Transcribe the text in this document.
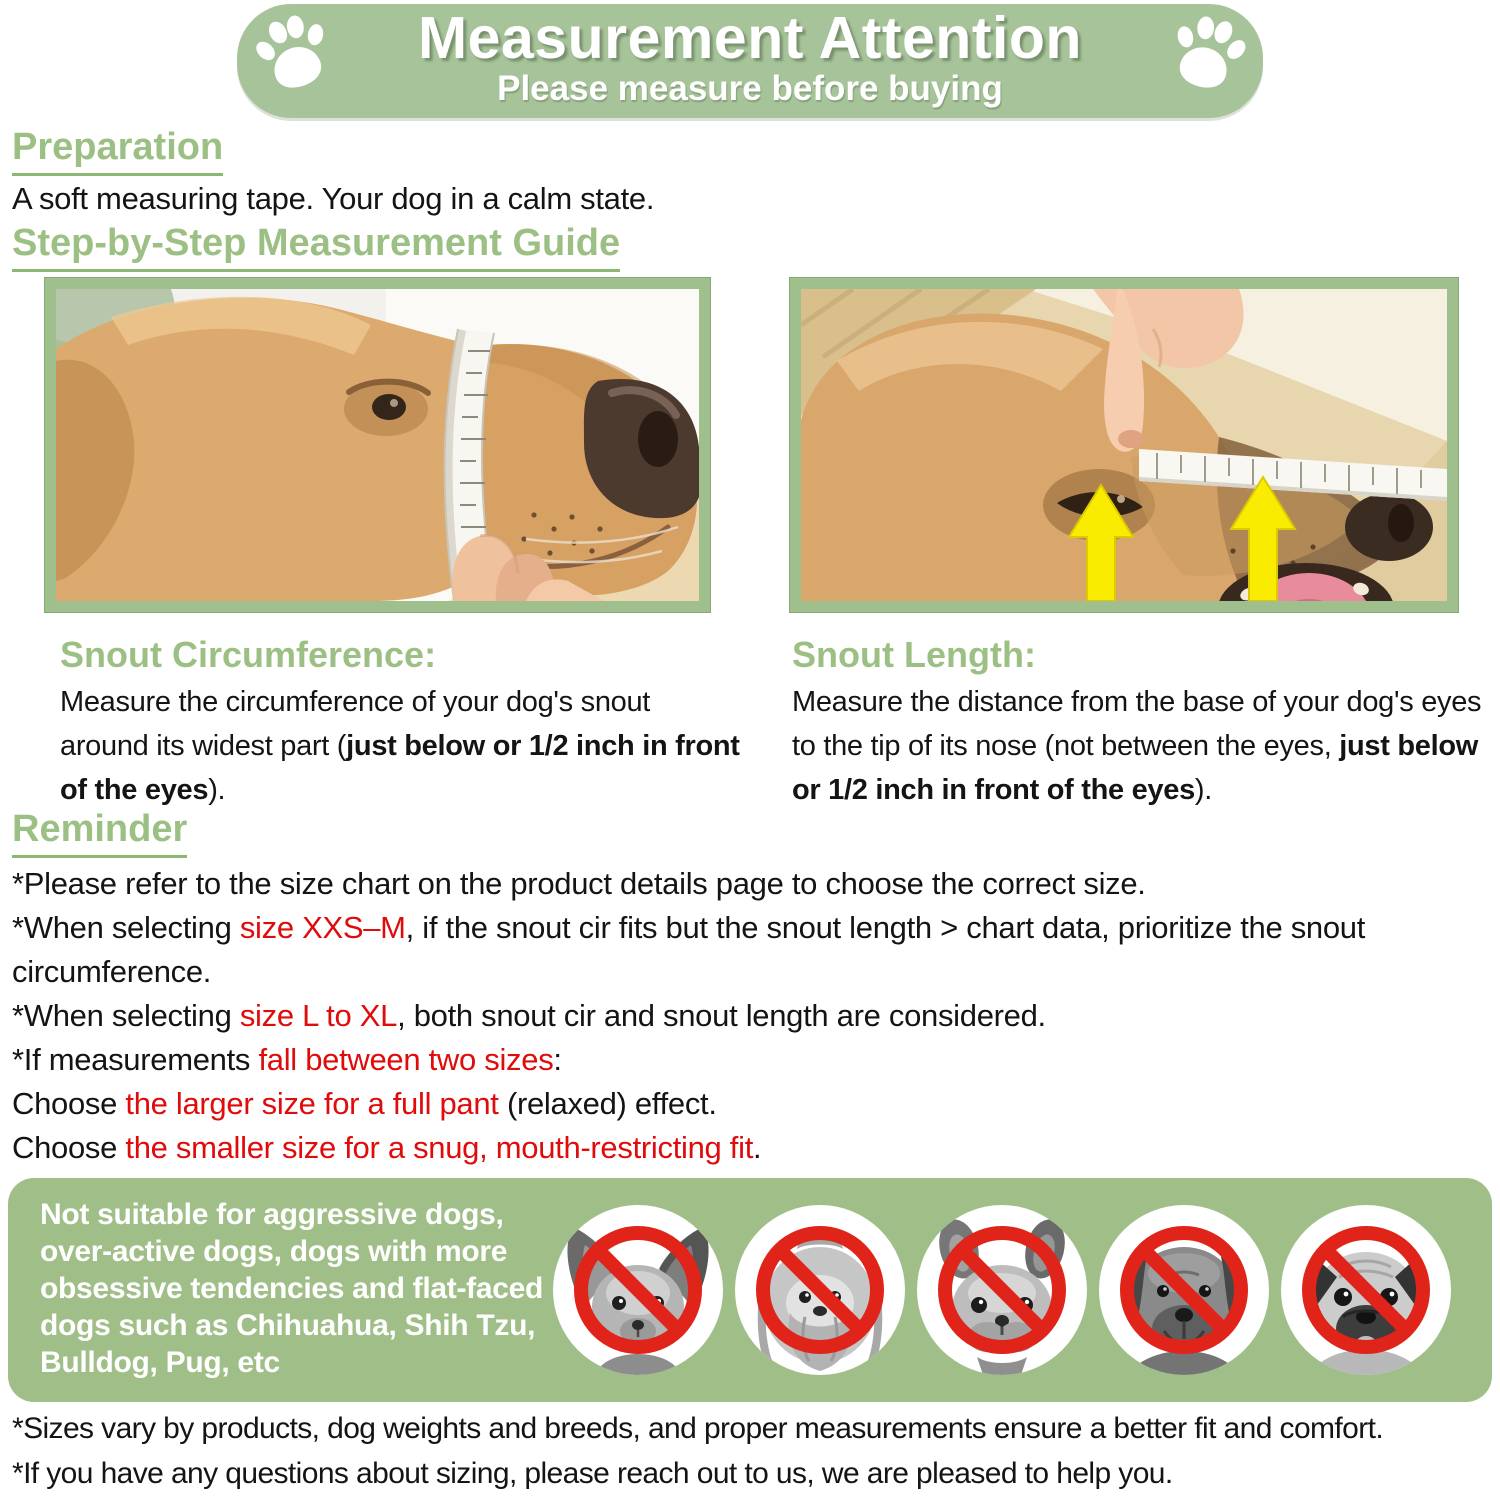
Measurement Attention
Please measure before buying
Preparation
A soft measuring tape. Your dog in a calm state.
Step-by-Step Measurement Guide
Snout Circumference:
Measure the circumference of your dog's snout around its widest part (just below or 1/2 inch in front of the eyes).
Snout Length:
Measure the distance from the base of your dog's eyes to the tip of its nose (not between the eyes, just below or 1/2 inch in front of the eyes).
Reminder
*Please refer to the size chart on the product details page to choose the correct size.
*When selecting size XXS–M, if the snout cir fits but the snout length > chart data, prioritize the snout circumference.
*When selecting size L to XL, both snout cir and snout length are considered.
*If measurements fall between two sizes:
Choose the larger size for a full pant (relaxed) effect.
Choose the smaller size for a snug, mouth-restricting fit.
Not suitable for aggressive dogs,
over-active dogs, dogs with more
obsessive tendencies and flat-faced
dogs such as Chihuahua, Shih Tzu,
Bulldog, Pug, etc
*Sizes vary by products, dog weights and breeds, and proper measurements ensure a better fit and comfort.
*If you have any questions about sizing, please reach out to us, we are pleased to help you.
